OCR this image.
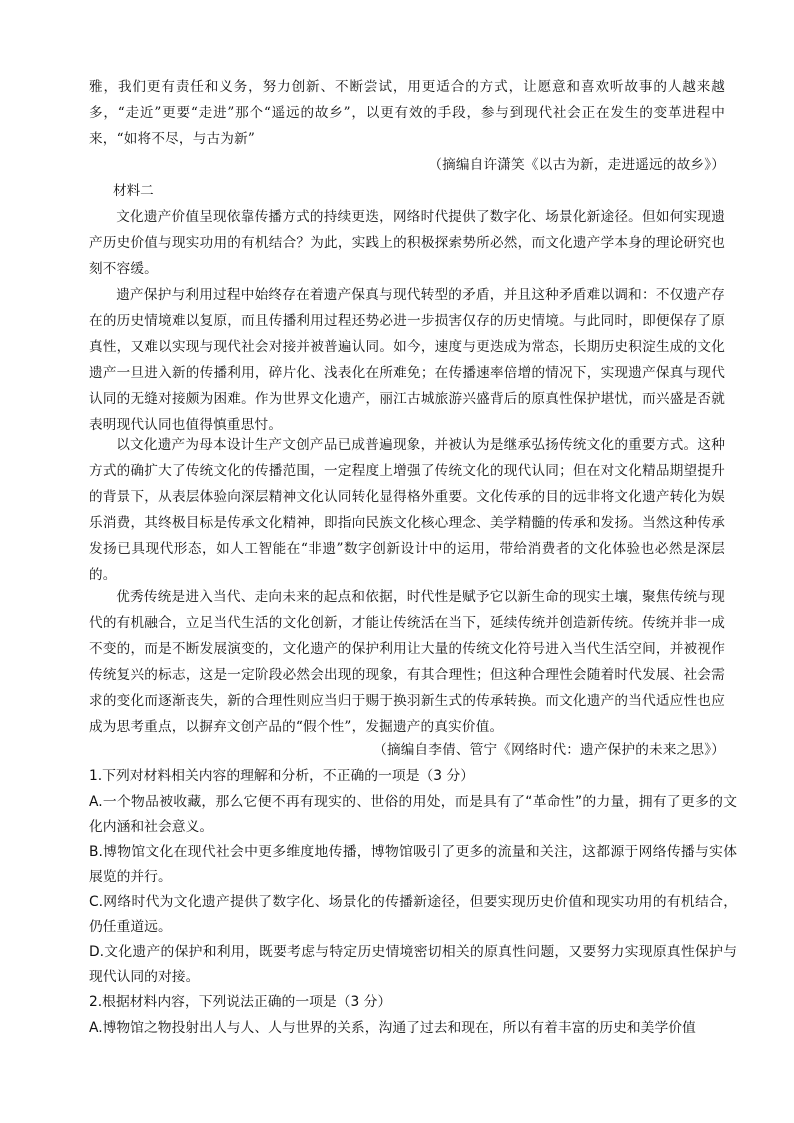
雅，我们更有责任和义务，努力创新、不断尝试，用更适合的方式，让愿意和喜欢听故事的人越来越多，“走近”更要“走进”那个“遥远的故乡”，以更有效的手段，参与到现代社会正在发生的变革进程中来，“如将不尽，与古为新”
（摘编自许潇笑《以古为新，走进遥远的故乡》）
材料二
文化遗产价值呈现依靠传播方式的持续更迭，网络时代提供了数字化、场景化新途径。但如何实现遗产历史价值与现实功用的有机结合？为此，实践上的积极探索势所必然，而文化遗产学本身的理论研究也刻不容缓。
遗产保护与利用过程中始终存在着遗产保真与现代转型的矛盾，并且这种矛盾难以调和：不仅遗产存在的历史情境难以复原，而且传播利用过程还势必进一步损害仅存的历史情境。与此同时，即便保存了原真性，又难以实现与现代社会对接并被普遍认同。如今，速度与更迭成为常态，长期历史积淀生成的文化遗产一旦进入新的传播利用，碎片化、浅表化在所难免；在传播速率倍增的情况下，实现遗产保真与现代认同的无缝对接颇为困难。作为世界文化遗产，丽江古城旅游兴盛背后的原真性保护堪忧，而兴盛是否就表明现代认同也值得慎重思忖。
以文化遗产为母本设计生产文创产品已成普遍现象，并被认为是继承弘扬传统文化的重要方式。这种方式的确扩大了传统文化的传播范围，一定程度上增强了传统文化的现代认同；但在对文化精品期望提升的背景下，从表层体验向深层精神文化认同转化显得格外重要。文化传承的目的远非将文化遗产转化为娱乐消费，其终极目标是传承文化精神，即指向民族文化核心理念、美学精髓的传承和发扬。当然这种传承发扬已具现代形态，如人工智能在“非遗”数字创新设计中的运用，带给消费者的文化体验也必然是深层的。
优秀传统是进入当代、走向未来的起点和依据，时代性是赋予它以新生命的现实土壤，聚焦传统与现代的有机融合，立足当代生活的文化创新，才能让传统活在当下，延续传统并创造新传统。传统并非一成不变的，而是不断发展演变的，文化遗产的保护利用让大量的传统文化符号进入当代生活空间，并被视作传统复兴的标志，这是一定阶段必然会出现的现象，有其合理性；但这种合理性会随着时代发展、社会需求的变化而逐渐丧失，新的合理性则应当归于赐于换羽新生式的传承转换。而文化遗产的当代适应性也应成为思考重点，以摒弃文创产品的“假个性”，发掘遗产的真实价值。
（摘编自李倩、管宁《网络时代：遗产保护的未来之思》）
1.下列对材料相关内容的理解和分析，不正确的一项是（3 分）
A.一个物品被收藏，那么它便不再有现实的、世俗的用处，而是具有了“革命性”的力量，拥有了更多的文化内涵和社会意义。
B.博物馆文化在现代社会中更多维度地传播，博物馆吸引了更多的流量和关注，这都源于网络传播与实体展览的并行。
C.网络时代为文化遗产提供了数字化、场景化的传播新途径，但要实现历史价值和现实功用的有机结合，仍任重道远。
D.文化遗产的保护和利用，既要考虑与特定历史情境密切相关的原真性问题，又要努力实现原真性保护与现代认同的对接。
2.根据材料内容，下列说法正确的一项是（3 分）
A.博物馆之物投射出人与人、人与世界的关系，沟通了过去和现在，所以有着丰富的历史和美学价值
